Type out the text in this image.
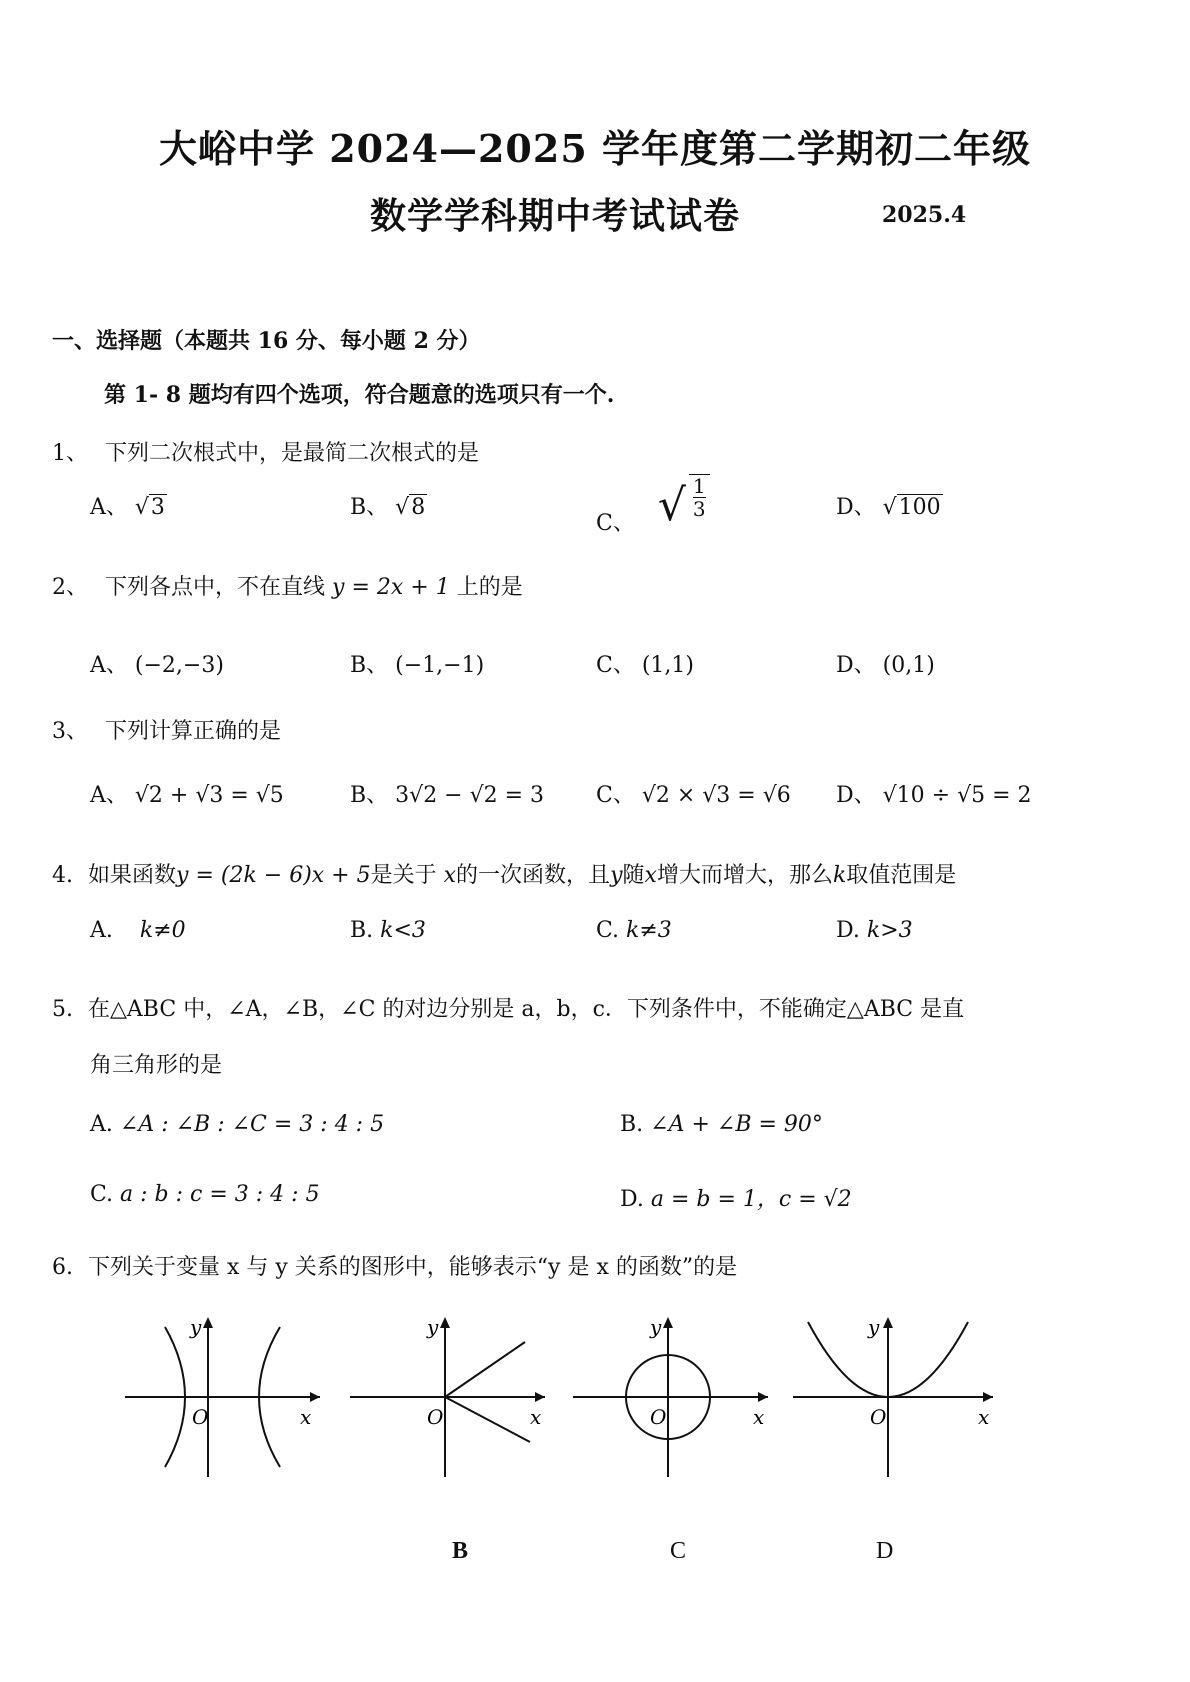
大峪中学 2024—2025 学年度第二学期初二年级
数学学科期中考试试卷	2025.4
一、选择题（本题共 16 分、每小题 2 分）
第 1- 8 题均有四个选项，符合题意的选项只有一个.
1、 下列二次根式中，是最简二次根式的是
A、 √3	B、 √8
C、 √ $\frac{1}{3}$	D、 √100
2、 下列各点中，不在直线 y = 2x + 1 上的是
A、 (−2,−3)	B、 (−1,−1)	C、 (1,1)	D、 (0,1)
3、 下列计算正确的是
A、 √2 + √3 = √5	B、 3√2 − √2 = 3 C、 √2 × √3 = √6 D、 √10 ÷ √5 = 2
4. 如果函数y = (2k − 6)x + 5是关于 x的一次函数，且y随x增大而增大，那么k取值范围是
A. k≠0	B. k<3	C. k≠3	D. k>3
5. 在△ABC 中，∠A，∠B，∠C 的对边分别是 a，b，c．下列条件中，不能确定△ABC 是直
角三角形的是
A. ∠A : ∠B : ∠C = 3 : 4 : 5	B. ∠A + ∠B = 90°
C. a : b : c = 3 : 4 : 5	D. a = b = 1，c = √2
6. 下列关于变量 x 与 y 关系的图形中，能够表示“y 是 x 的函数”的是
y
O	x
y
O	x
y
O	x
y
O	x
B	C	D
